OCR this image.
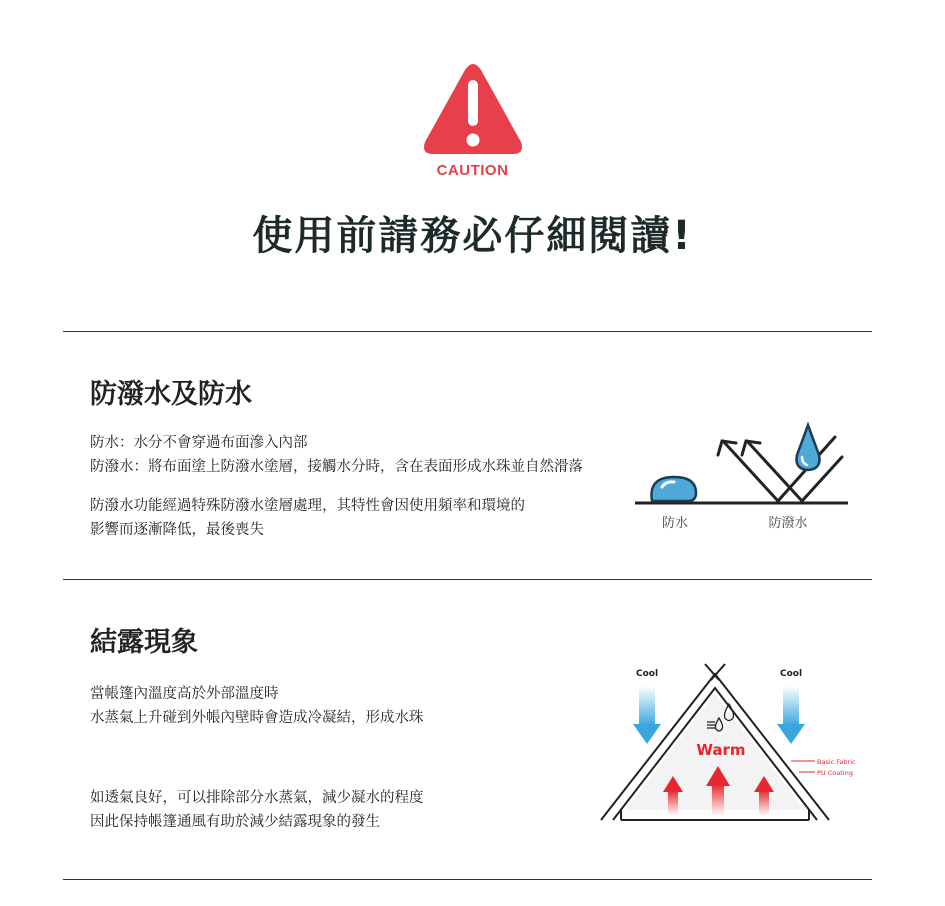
CAUTION
使用前請務必仔細閱讀!
防潑水及防水
防水：水分不會穿過布面滲入內部
防潑水：將布面塗上防潑水塗層，接觸水分時，含在表面形成水珠並自然滑落
防潑水功能經過特殊防潑水塗層處理，其特性會因使用頻率和環境的
影響而逐漸降低，最後喪失	防水	防潑水
結露現象
當帳篷內溫度高於外部溫度時
水蒸氣上升碰到外帳內壁時會造成冷凝結，形成水珠
如透氣良好，可以排除部分水蒸氣，減少凝水的程度
因此保持帳篷通風有助於減少結露現象的發生
Cool	Cool
Warm
Basic Fabric
PU Coating
